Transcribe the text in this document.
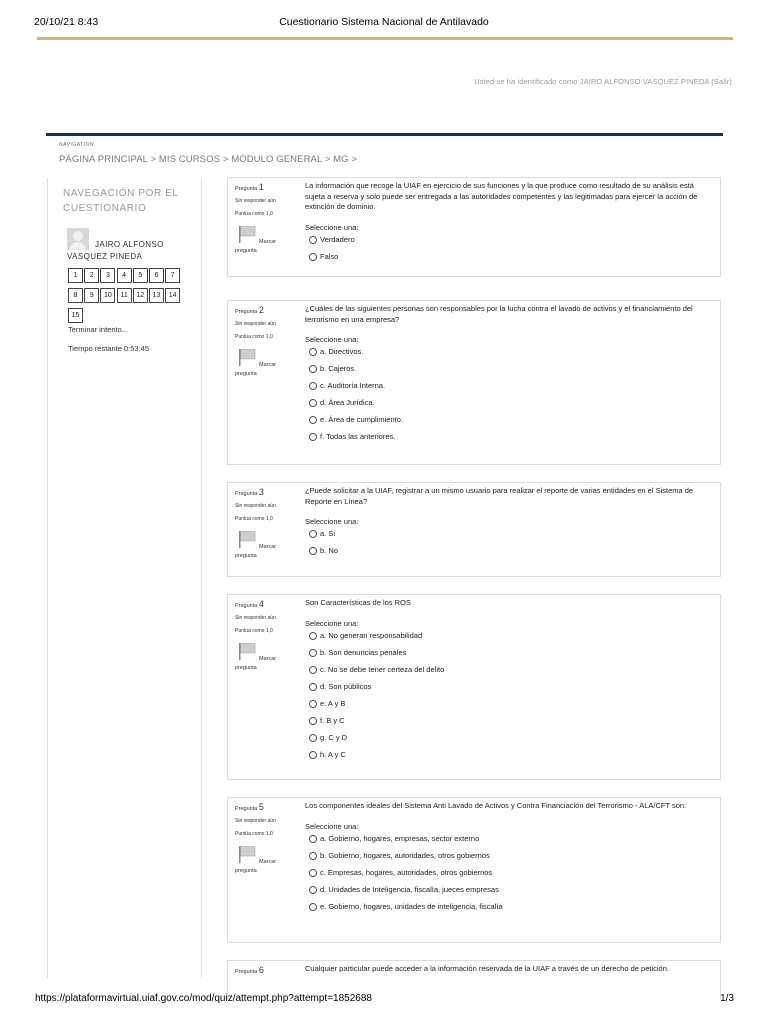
20/10/21 8:43	Cuestionario Sistema Nacional de Antilavado
Usted se ha identificado como JAIRO ALFONSO VASQUEZ PINEDA (Salir)
NAVIGATION
PÁGINA PRINCIPAL > MIS CURSOS > MÓDULO GENERAL > MG >
NAVEGACIÓN POR EL CUESTIONARIO
JAIRO ALFONSO VASQUEZ PINEDA
1	2	3	4	5	6	7
8	9	10	11	12	13	14
15
Terminar intento...
Tiempo restante 0:53:45
Pregunta 1
Sin responder aún
Puntúa como 1,0
Marcar
pregunta
La información que recoge la UIAF en ejercicio de sus funciones y la que produce como resultado de su análisis está sujeta a reserva y solo puede ser entregada a las autoridades competentes y las legitimadas para ejercer la acción de extinción de dominio.
Seleccione una:
Verdadero
Falso
Pregunta 2
Sin responder aún
Puntúa como 1,0
Marcar
pregunta
¿Cuáles de las siguientes personas son responsables por la lucha contra el lavado de activos y el financiamiento del terrorismo en una empresa?
Seleccione una:
a. Directivos.
b. Cajeros.
c. Auditoría Interna.
d. Área Jurídica.
e. Área de cumplimiento.
f. Todas las anteriores.
Pregunta 3
Sin responder aún
Puntúa como 1,0
Marcar
pregunta
¿Puede solicitar a la UIAF, registrar a un mismo usuario para realizar el reporte de varias entidades en el Sistema de Reporte en Línea?
Seleccione una:
a. Si
b. No
Pregunta 4
Sin responder aún
Puntúa como 1,0
Marcar
pregunta
Son Características de los ROS
Seleccione una:
a. No generan responsabilidad
b. Son denuncias penales
c. No se debe tener certeza del delito
d. Son públicos
e. A y B
f. B y C
g. C y D
h. A y C
Pregunta 5
Sin responder aún
Puntúa como 1,0
Marcar
pregunta
Los componentes ideales del Sistema Anti Lavado de Activos y Contra Financiación del Terrorismo - ALA/CFT son:
Seleccione una:
a. Gobierno, hogares, empresas, sector externo
b. Gobierno, hogares, autoridades, otros gobiernos
c. Empresas, hogares, autoridades, otros gobiernos
d. Unidades de Inteligencia, fiscalía, jueces empresas
e. Gobierno, hogares, unidades de inteligencia, fiscalía
Pregunta 6	Cualquier particular puede acceder a la información reservada de la UIAF a través de un derecho de petición.
https://plataformavirtual.uiaf.gov.co/mod/quiz/attempt.php?attempt=1852688	1/3
